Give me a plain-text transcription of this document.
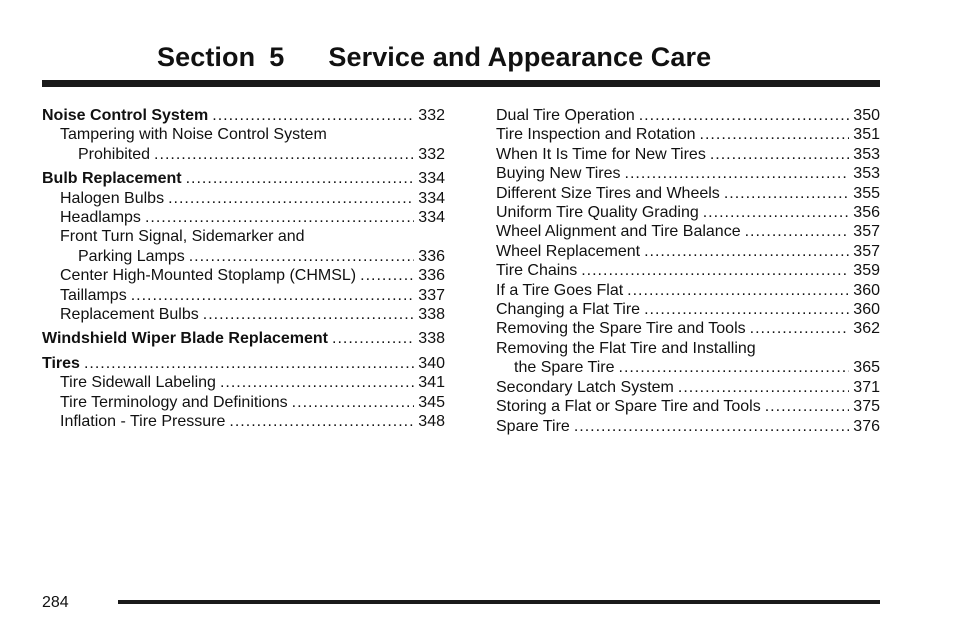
Section 5 Service and Appearance Care
Noise Control System .....	332
Tampering with Noise Control System
Prohibited .....	332
Bulb Replacement .....	334
Halogen Bulbs .....	334
Headlamps .....	334
Front Turn Signal, Sidemarker and
Parking Lamps .....	336
Center High-Mounted Stoplamp (CHMSL) .....	336
Taillamps .....	337
Replacement Bulbs .....	338
Windshield Wiper Blade Replacement .....	338
Tires .....	340
Tire Sidewall Labeling .....	341
Tire Terminology and Definitions .....	345
Inflation - Tire Pressure .....	348
Dual Tire Operation .....	350
Tire Inspection and Rotation .....	351
When It Is Time for New Tires .....	353
Buying New Tires .....	353
Different Size Tires and Wheels .....	355
Uniform Tire Quality Grading .....	356
Wheel Alignment and Tire Balance .....	357
Wheel Replacement .....	357
Tire Chains .....	359
If a Tire Goes Flat .....	360
Changing a Flat Tire .....	360
Removing the Spare Tire and Tools .....	362
Removing the Flat Tire and Installing
the Spare Tire .....	365
Secondary Latch System .....	371
Storing a Flat or Spare Tire and Tools .....	375
Spare Tire .....	376
284
